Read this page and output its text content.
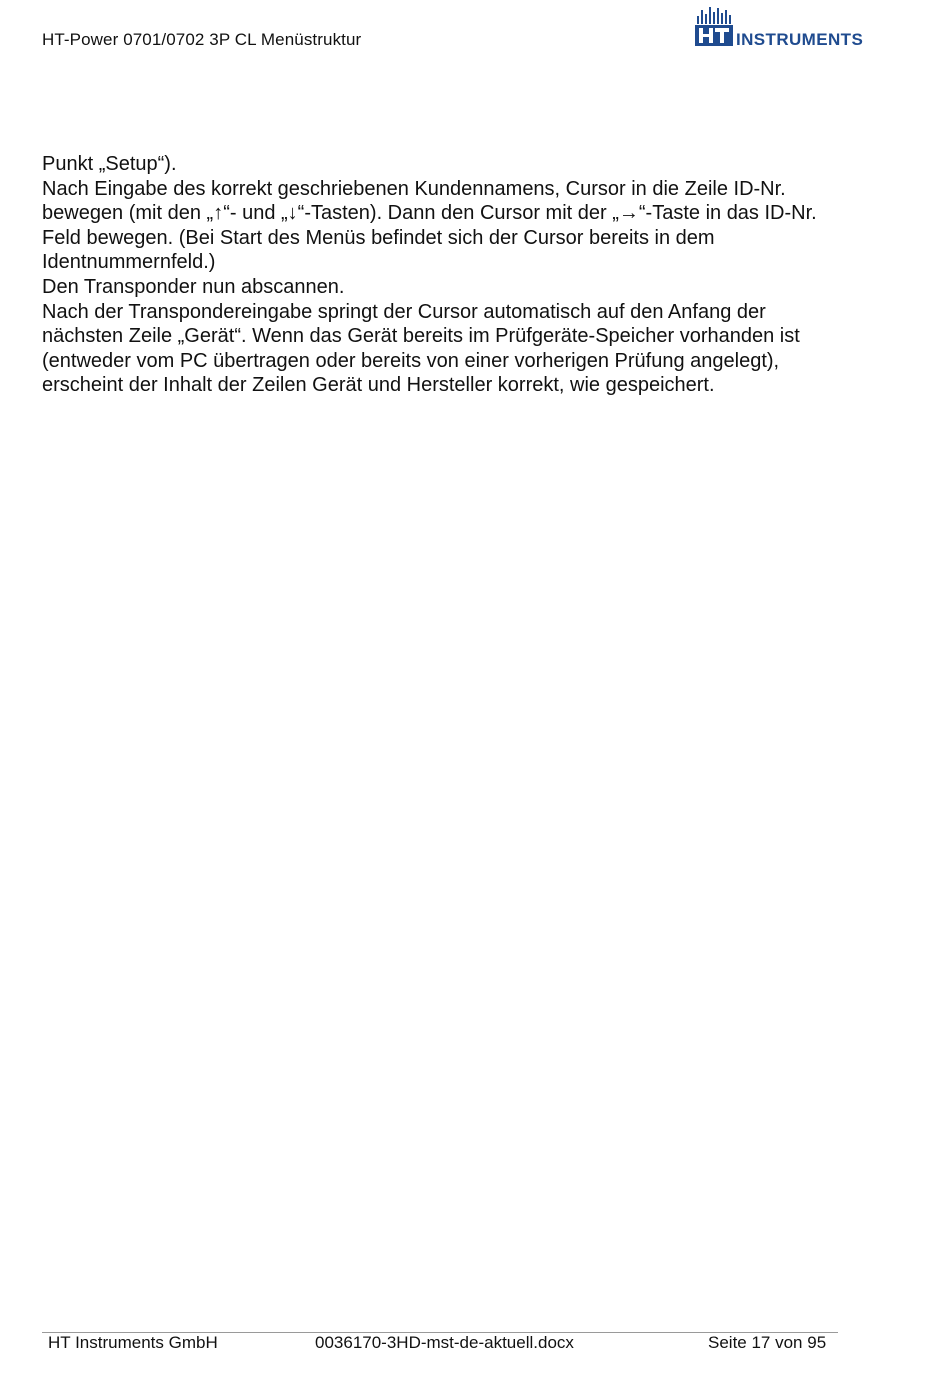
HT-Power 0701/0702 3P CL Menüstruktur	INSTRUMENTS

Punkt „Setup“).

Nach Eingabe des korrekt geschriebenen Kundennamens, Cursor in die Zeile ID-Nr.

bewegen (mit den „↑“- und „↓“-Tasten). Dann den Cursor mit der „→“-Taste in das ID-Nr.

Feld bewegen. (Bei Start des Menüs befindet sich der Cursor bereits in dem

Identnummernfeld.)

Den Transponder nun abscannen.

Nach der Transpondereingabe springt der Cursor automatisch auf den Anfang der

nächsten Zeile „Gerät“. Wenn das Gerät bereits im Prüfgeräte-Speicher vorhanden ist

(entweder vom PC übertragen oder bereits von einer vorherigen Prüfung angelegt),

erscheint der Inhalt der Zeilen Gerät und Hersteller korrekt, wie gespeichert.

HT Instruments GmbH	0036170-3HD-mst-de-aktuell.docx	Seite 17 von 95
